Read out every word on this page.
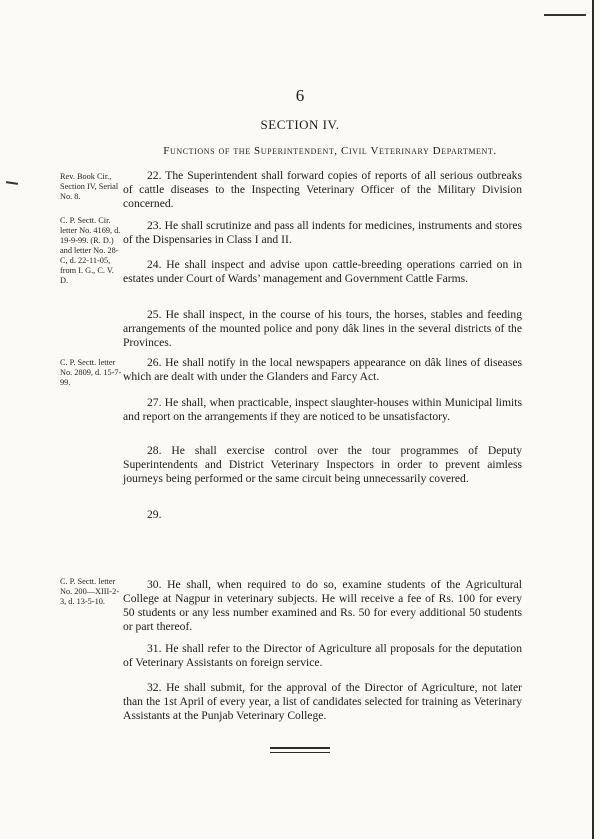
6
SECTION IV.
Functions of the Superintendent, Civil Veterinary Department.
Rev. Book Cir., Section IV, Serial No. 8.
C. P. Sectt. Cir. letter No. 4169, d. 19-9-99. (R. D.) and letter No. 28-C, d. 22-11-05, from I. G., C. V. D.
C. P. Sectt. letter No. 2809, d. 15-7-99.
C. P. Sectt. letter No. 200—XIII-2-3, d. 13-5-10.
22. The Superintendent shall forward copies of reports of all serious outbreaks of cattle diseases to the Inspecting Veterinary Officer of the Military Division concerned.
23. He shall scrutinize and pass all indents for medicines, instruments and stores of the Dispensaries in Class I and II.
24. He shall inspect and advise upon cattle-breeding operations carried on in estates under Court of Wards’ management and Government Cattle Farms.
25. He shall inspect, in the course of his tours, the horses, stables and feeding arrangements of the mounted police and pony dâk lines in the several districts of the Provinces.
26. He shall notify in the local newspapers appearance on dâk lines of diseases which are dealt with under the Glanders and Farcy Act.
27. He shall, when practicable, inspect slaughter-houses within Municipal limits and report on the arrangements if they are noticed to be unsatisfactory.
28. He shall exercise control over the tour programmes of Deputy Superintendents and District Veterinary Inspectors in order to prevent aimless journeys being performed or the same circuit being unnecessarily covered.
29.
30. He shall, when required to do so, examine students of the Agricultural College at Nagpur in veterinary subjects. He will receive a fee of Rs. 100 for every 50 students or any less number examined and Rs. 50 for every additional 50 students or part thereof.
31. He shall refer to the Director of Agriculture all proposals for the deputation of Veterinary Assistants on foreign service.
32. He shall submit, for the approval of the Director of Agriculture, not later than the 1st April of every year, a list of candidates selected for training as Veterinary Assistants at the Punjab Veterinary College.
